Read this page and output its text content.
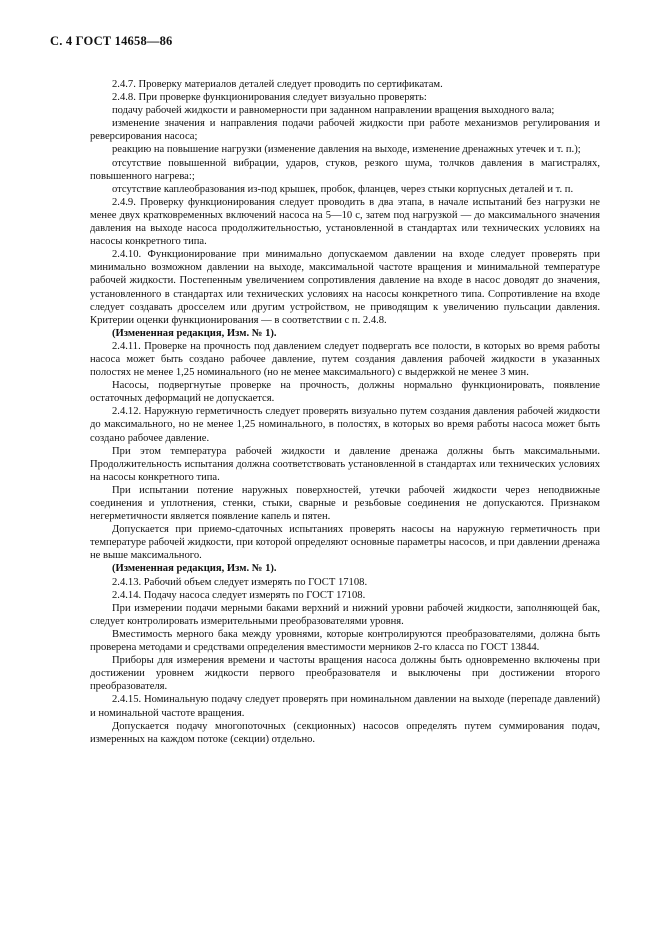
С. 4 ГОСТ 14658—86

2.4.7. Проверку материалов деталей следует проводить по сертификатам.

2.4.8. При проверке функционирования следует визуально проверять:

подачу рабочей жидкости и равномерности при заданном направлении вращения выходного вала;

изменение значения и направления подачи рабочей жидкости при работе механизмов регулирования и реверсирования насоса;

реакцию на повышение нагрузки (изменение давления на выходе, изменение дренажных утечек и т. п.);

отсутствие повышенной вибрации, ударов, стуков, резкого шума, толчков давления в магистралях, повышенного нагрева:;

отсутствие каплеобразования из-под крышек, пробок, фланцев, через стыки корпусных деталей и т. п.

2.4.9. Проверку функционирования следует проводить в два этапа, в начале испытаний без нагрузки не менее двух кратковременных включений насоса на 5—10 с, затем под нагрузкой — до максимального значения давления на выходе насоса продолжительностью, установленной в стандартах или технических условиях на насосы конкретного типа.

2.4.10. Функционирование при минимально допускаемом давлении на входе следует проверять при минимально возможном давлении на выходе, максимальной частоте вращения и минимальной температуре рабочей жидкости. Постепенным увеличением сопротивления давление на входе в насос доводят до значения, установленного в стандартах или технических условиях на насосы конкретного типа. Сопротивление на входе следует создавать дросселем или другим устройством, не приводящим к увеличению пульсации давления. Критерии оценки функционирования — в соответствии с п. 2.4.8.

(Измененная редакция, Изм. № 1).

2.4.11. Проверке на прочность под давлением следует подвергать все полости, в которых во время работы насоса может быть создано рабочее давление, путем создания давления рабочей жидкости в указанных полостях не менее 1,25 номинального (но не менее максимального) с выдержкой не менее 3 мин.

Насосы, подвергнутые проверке на прочность, должны нормально функционировать, появление остаточных деформаций не допускается.

2.4.12. Наружную герметичность следует проверять визуально путем создания давления рабочей жидкости до максимального, но не менее 1,25 номинального, в полостях, в которых во время работы насоса может быть создано рабочее давление.

При этом температура рабочей жидкости и давление дренажа должны быть максимальными. Продолжительность испытания должна соответствовать установленной в стандартах или технических условиях на насосы конкретного типа.

При испытании потение наружных поверхностей, утечки рабочей жидкости через неподвижные соединения и уплотнения, стенки, стыки, сварные и резьбовые соединения не допускаются. Признаком негерметичности является появление капель и пятен.

Допускается при приемо-сдаточных испытаниях проверять насосы на наружную герметичность при температуре рабочей жидкости, при которой определяют основные параметры насосов, и при давлении дренажа не выше максимального.

(Измененная редакция, Изм. № 1).

2.4.13. Рабочий объем следует измерять по ГОСТ 17108.

2.4.14. Подачу насоса следует измерять по ГОСТ 17108.

При измерении подачи мерными баками верхний и нижний уровни рабочей жидкости, заполняющей бак, следует контролировать измерительными преобразователями уровня.

Вместимость мерного бака между уровнями, которые контролируются преобразователями, должна быть проверена методами и средствами определения вместимости мерников 2-го класса по ГОСТ 13844.

Приборы для измерения времени и частоты вращения насоса должны быть одновременно включены при достижении уровнем жидкости первого преобразователя и выключены при достижении второго преобразователя.

2.4.15. Номинальную подачу следует проверять при номинальном давлении на выходе (перепаде давлений) и номинальной частоте вращения.

Допускается подачу многопоточных (секционных) насосов определять путем суммирования подач, измеренных на каждом потоке (секции) отдельно.
